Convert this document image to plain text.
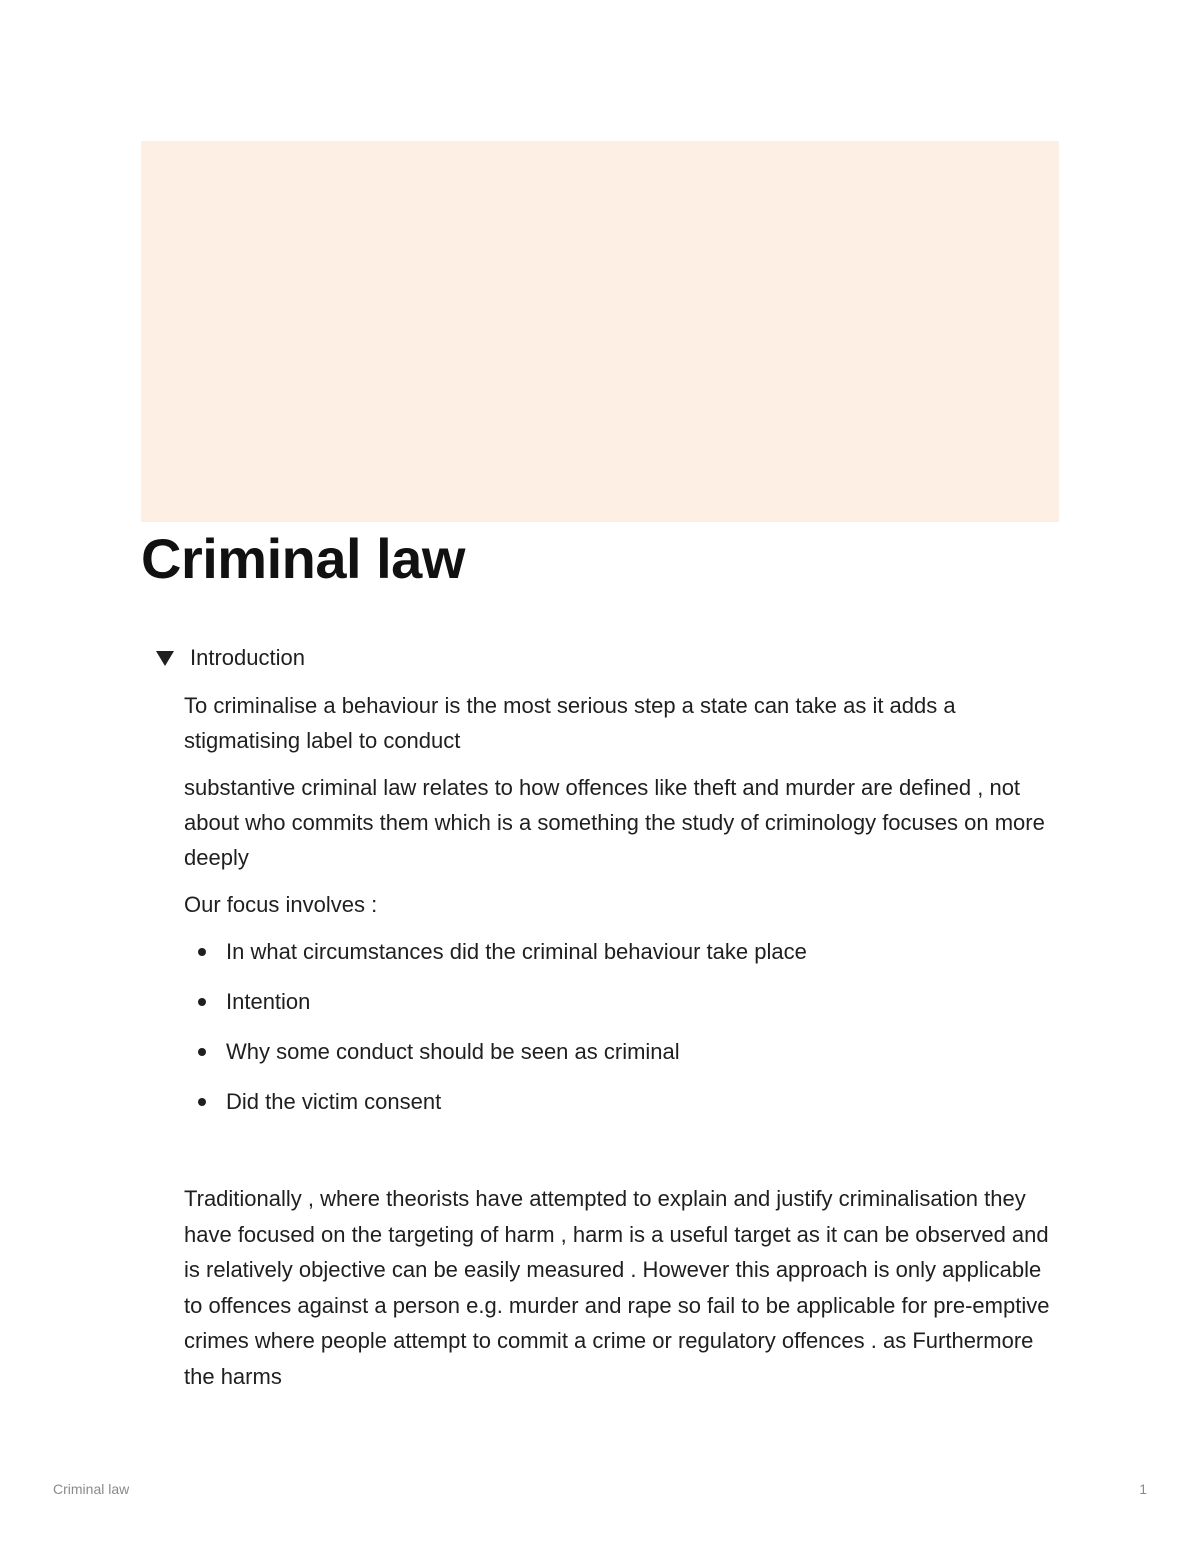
Criminal law
Introduction

To criminalise a behaviour is the most serious step a state can take as it adds a stigmatising label to conduct

substantive criminal law relates to how offences like theft and murder are defined , not about who commits them which is a something the study of criminology focuses on more deeply

Our focus involves :

In what circumstances did the criminal behaviour take place
Intention
Why some conduct should be seen as criminal
Did the victim consent

Traditionally , where theorists have attempted to explain and justify criminalisation they have focused on the targeting of harm , harm is a useful target as it can be observed and is relatively objective can be easily measured . However this approach is only applicable to offences against a person e.g. murder and rape so fail to be applicable for pre-emptive crimes where people attempt to commit a crime or regulatory offences . as Furthermore the harms

Criminal law	1
